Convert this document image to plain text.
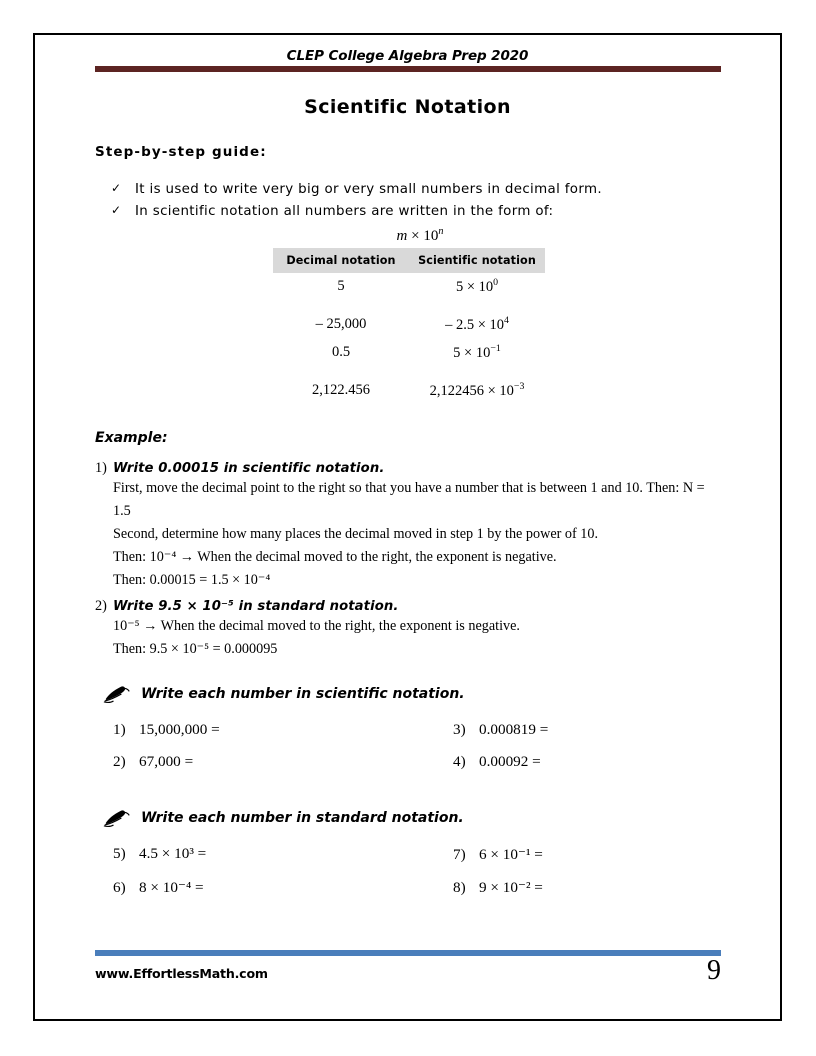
CLEP College Algebra Prep 2020
Scientific Notation
Step-by-step guide:
✓ It is used to write very big or very small numbers in decimal form.
✓ In scientific notation all numbers are written in the form of:
$m \times 10^n$
Decimal notation	Scientific notation
5	$5 \times 10^0$

– 25,000	– $2.5 \times 10^4$
0.5	$5 \times 10^{-1}$

2,122.456	$2,122456 \times 10^{-3}$
Example:
1) Write 0.00015 in scientific notation.
First, move the decimal point to the right so that you have a number that is between 1 and 10. Then: N = 1.5
Second, determine how many places the decimal moved in step 1 by the power of 10.
Then: 10⁻⁴ → When the decimal moved to the right, the exponent is negative.
Then: 0.00015 = 1.5 × 10⁻⁴
2) Write 9.5 × 10⁻⁵ in standard notation.
10⁻⁵ → When the decimal moved to the right, the exponent is negative.
Then: 9.5 × 10⁻⁵ = 0.000095
Write each number in scientific notation.
1) 15,000,000 =	3) 0.000819 =
2) 67,000 =	4) 0.00092 =
Write each number in standard notation.
5) 4.5 × 10³ =	7) 6 × 10⁻¹ =
6) 8 × 10⁻⁴ =	8) 9 × 10⁻² =
www.EffortlessMath.com	9
